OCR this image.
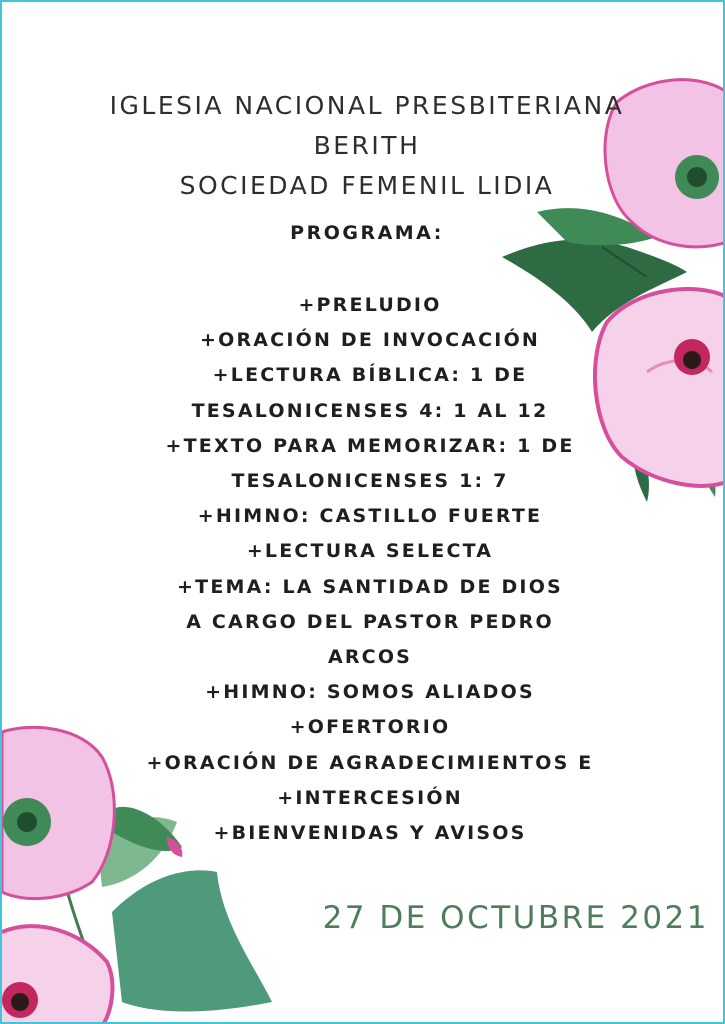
IGLESIA NACIONAL PRESBITERIANA
BERITH
SOCIEDAD FEMENIL LIDIA
PROGRAMA:
+PRELUDIO
+ORACIÓN DE INVOCACIÓN
+LECTURA BÍBLICA: 1 DE
TESALONICENSES 4: 1 AL 12
+TEXTO PARA MEMORIZAR: 1 DE
TESALONICENSES 1: 7
+HIMNO: CASTILLO FUERTE
+LECTURA SELECTA
+TEMA: LA SANTIDAD DE DIOS
A CARGO DEL PASTOR PEDRO
ARCOS
+HIMNO: SOMOS ALIADOS
+OFERTORIO
+ORACIÓN DE AGRADECIMIENTOS E
+INTERCESIÓN
+BIENVENIDAS Y AVISOS
27 DE OCTUBRE 2021
